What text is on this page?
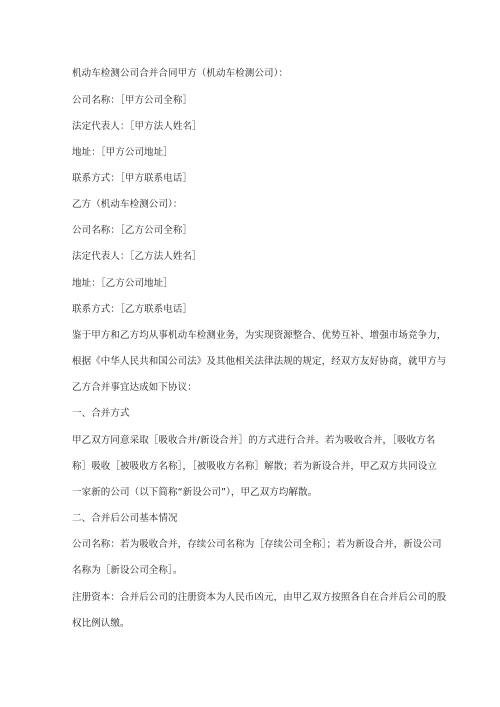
机动车检测公司合并合同甲方（机动车检测公司）：
公司名称：［甲方公司全称］
法定代表人：［甲方法人姓名］
地址：［甲方公司地址］
联系方式：［甲方联系电话］
乙方（机动车检测公司）：
公司名称：［乙方公司全称］
法定代表人：［乙方法人姓名］
地址：［乙方公司地址］
联系方式：［乙方联系电话］
鉴于甲方和乙方均从事机动车检测业务，为实现资源整合、优势互补、增强市场竞争力，
根据《中华人民共和国公司法》及其他相关法律法规的规定，经双方友好协商，就甲方与
乙方合并事宜达成如下协议：
一、合并方式
甲乙双方同意采取［吸收合并/新设合并］的方式进行合并。若为吸收合并，［吸收方名
称］吸收［被吸收方名称］，［被吸收方名称］解散；若为新设合并，甲乙双方共同设立
一家新的公司（以下简称“新设公司”），甲乙双方均解散。
二、合并后公司基本情况
公司名称：若为吸收合并，存续公司名称为［存续公司全称］；若为新设合并，新设公司
名称为［新设公司全称］。
注册资本：合并后公司的注册资本为人民币凶元，由甲乙双方按照各自在合并后公司的股
权比例认缴。
